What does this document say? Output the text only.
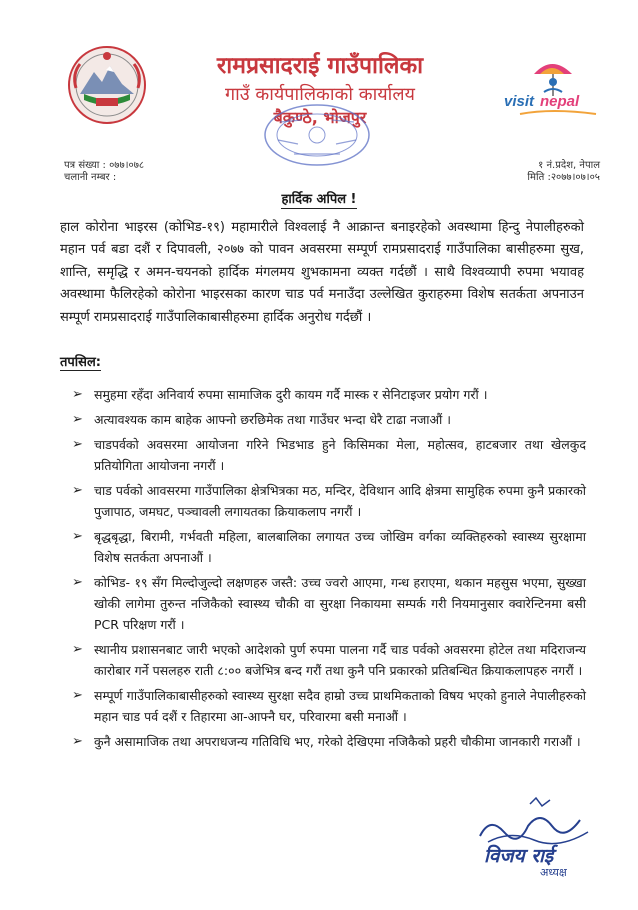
रामप्रसादराई गाउँपालिका
गाउँ कार्यपालिकाको कार्यालय
बैकुण्ठे, भोजपुर
visit nepal
पत्र संख्या : ०७७।०७८
चलानी नम्बर :
१ नं.प्रदेश, नेपाल
मिति :२०७७।०७।०५
हार्दिक अपिल !
हाल कोरोना भाइरस (कोभिड-१९) महामारीले विश्वलाई नै आक्रान्त बनाइरहेको अवस्थामा हिन्दु नेपालीहरुको महान पर्व बडा दशैं र दिपावली, २०७७ को पावन अवसरमा सम्पूर्ण रामप्रसादराई गाउँपालिका बासीहरुमा सुख, शान्ति, समृद्धि र अमन-चयनको हार्दिक मंगलमय शुभकामना व्यक्त गर्दछौं । साथै विश्वव्यापी रुपमा भयावह अवस्थामा फैलिरहेको कोरोना भाइरसका कारण चाड पर्व मनाउँदा उल्लेखित कुराहरुमा विशेष सतर्कता अपनाउन सम्पूर्ण रामप्रसादराई गाउँपालिकाबासीहरुमा हार्दिक अनुरोध गर्दछौं ।
तपसिल:
➢ समुहमा रहँदा अनिवार्य रुपमा सामाजिक दुरी कायम गर्दै मास्क र सेनिटाइजर प्रयोग गरौं ।
➢ अत्यावश्यक काम बाहेक आफ्नो छरछिमेक तथा गाउँघर भन्दा धेरै टाढा नजाऔं ।
➢ चाडपर्वको अवसरमा आयोजना गरिने भिडभाड हुने किसिमका मेला, महोत्सव, हाटबजार तथा खेलकुद प्रतियोगिता आयोजना नगरौं ।
➢ चाड पर्वको आवसरमा गाउँपालिका क्षेत्रभित्रका मठ, मन्दिर, देविथान आदि क्षेत्रमा सामुहिक रुपमा कुनै प्रकारको पुजापाठ, जमघट, पञ्चावली लगायतका क्रियाकलाप नगरौं ।
➢ बृद्धबृद्धा, बिरामी, गर्भवती महिला, बालबालिका लगायत उच्च जोखिम वर्गका व्यक्तिहरुको स्वास्थ्य सुरक्षामा विशेष सतर्कता अपनाऔं ।
➢ कोभिड- १९ सँग मिल्दोजुल्दो लक्षणहरु जस्तै: उच्च ज्वरो आएमा, गन्ध हराएमा, थकान महसुस भएमा, सुख्खा खोकी लागेमा तुरुन्त नजिकैको स्वास्थ्य चौकी वा सुरक्षा निकायमा सम्पर्क गरी नियमानुसार क्वारेन्टिनमा बसी PCR परिक्षण गरौं ।
➢ स्थानीय प्रशासनबाट जारी भएको आदेशको पुर्ण रुपमा पालना गर्दै चाड पर्वको अवसरमा होटेल तथा मदिराजन्य कारोबार गर्ने पसलहरु राती ८:०० बजेभित्र बन्द गरौं तथा कुनै पनि प्रकारको प्रतिबन्धित क्रियाकलापहरु नगरौं ।
➢ सम्पूर्ण गाउँपालिकाबासीहरुको स्वास्थ्य सुरक्षा सदैव हाम्रो उच्च प्राथमिकताको विषय भएको हुनाले नेपालीहरुको महान चाड पर्व दशैं र तिहारमा आ-आफ्नै घर, परिवारमा बसी मनाऔं ।
➢ कुनै असामाजिक तथा अपराधजन्य गतिविधि भए, गरेको देखिएमा नजिकैको प्रहरी चौकीमा जानकारी गराऔं ।
विजय राई
अध्यक्ष
